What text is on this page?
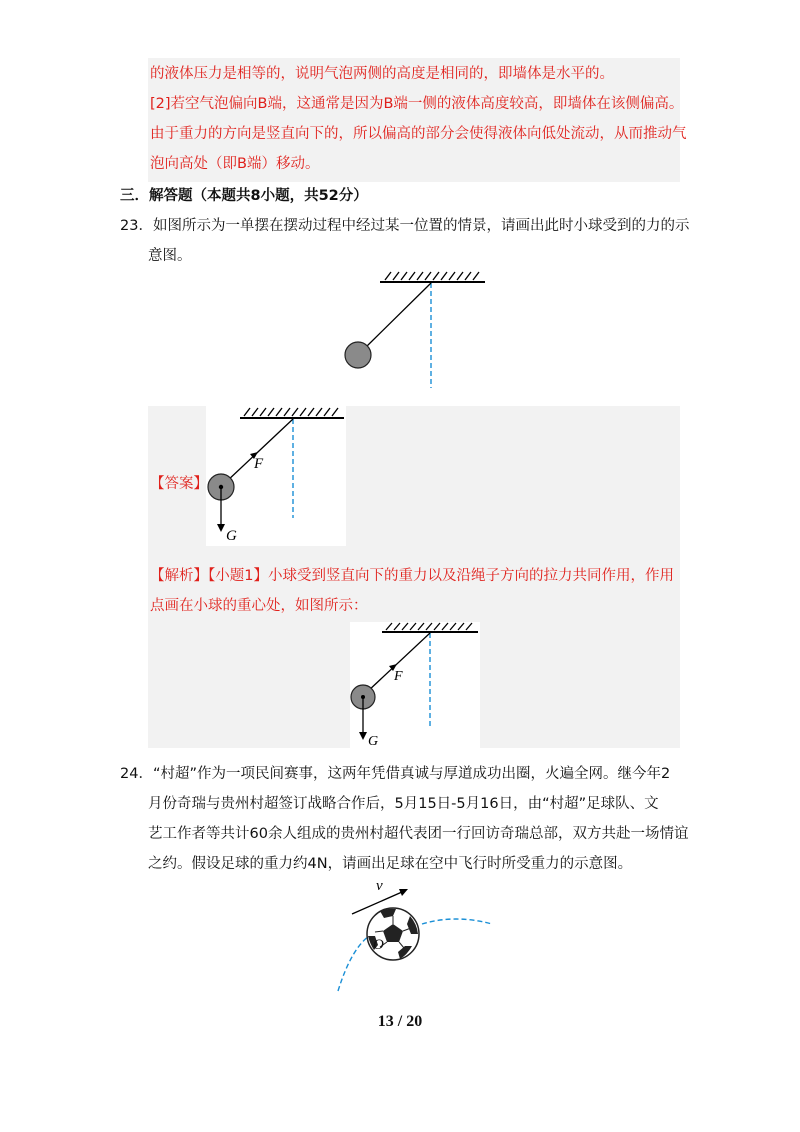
的液体压力是相等的，说明气泡两侧的高度是相同的，即墙体是水平的。
[2]若空气泡偏向B端，这通常是因为B端一侧的液体高度较高，即墙体在该侧偏高。
由于重力的方向是竖直向下的，所以偏高的部分会使得液体向低处流动，从而推动气
泡向高处（即B端）移动。
三．解答题（本题共8小题，共52分）
23．如图所示为一单摆在摆动过程中经过某一位置的情景，请画出此时小球受到的力的示
意图。
F
G
【答案】
【解析】【小题1】小球受到竖直向下的重力以及沿绳子方向的拉力共同作用，作用
点画在小球的重心处，如图所示：
F
G
24．“村超”作为一项民间赛事，这两年凭借真诚与厚道成功出圈，火遍全网。继今年2
月份奇瑞与贵州村超签订战略合作后，5月15日-5月16日，由“村超”足球队、文
艺工作者等共计60余人组成的贵州村超代表团一行回访奇瑞总部，双方共赴一场情谊
之约。假设足球的重力约4N，请画出足球在空中飞行时所受重力的示意图。
v
O
13 / 20
